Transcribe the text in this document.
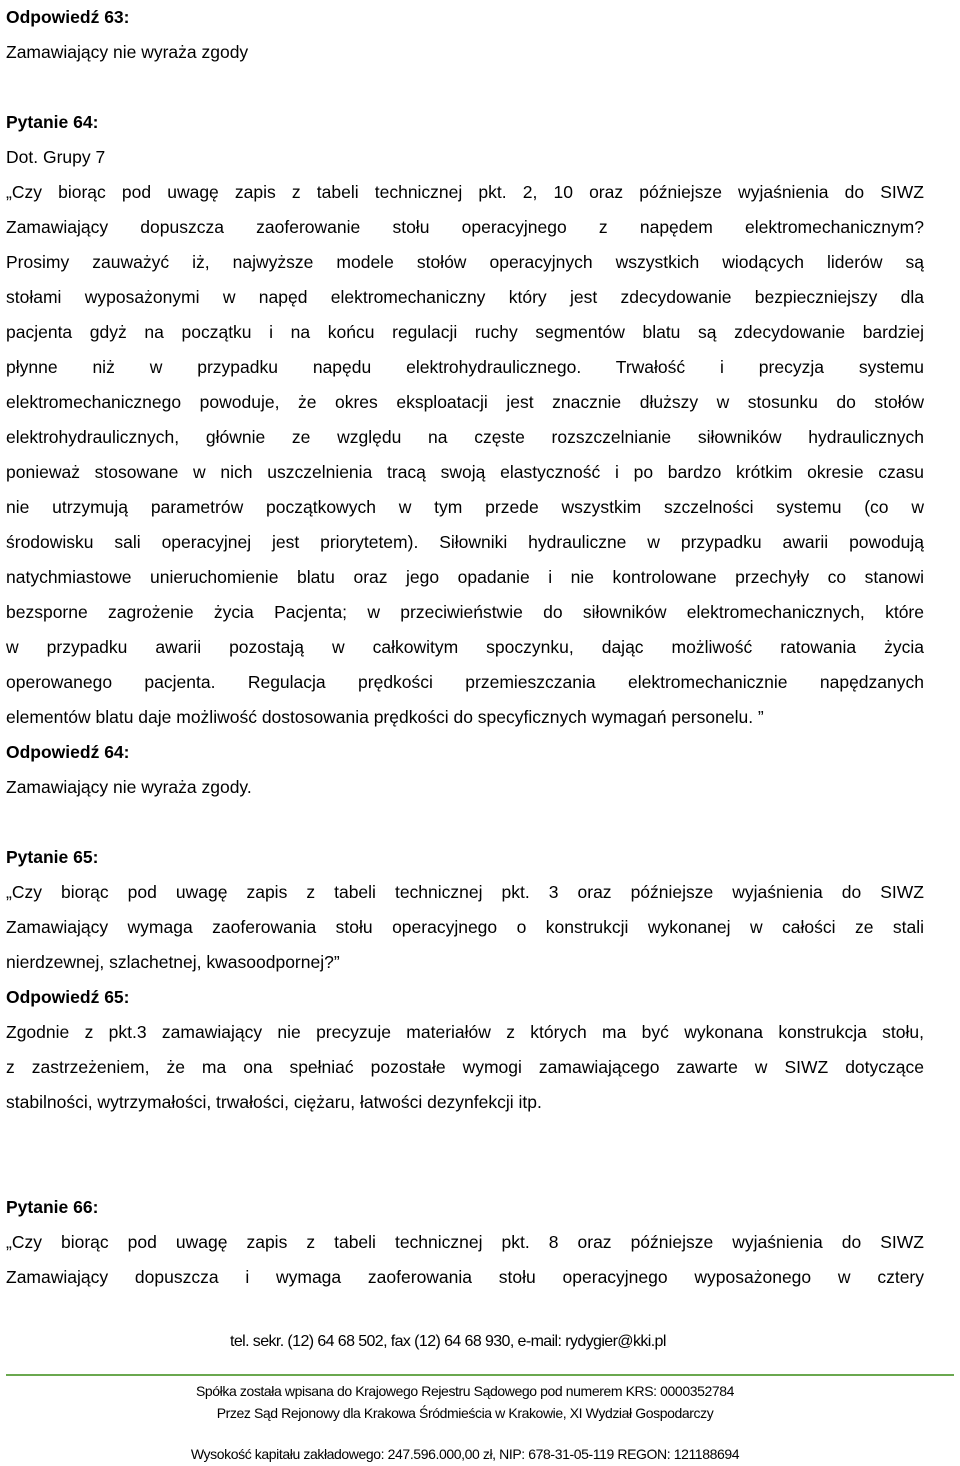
Odpowiedź 63:
Zamawiający nie wyraża zgody
Pytanie 64:
Dot. Grupy 7
„Czy biorąc pod uwagę zapis z tabeli technicznej pkt. 2, 10 oraz późniejsze wyjaśnienia do SIWZ
Zamawiający dopuszcza zaoferowanie stołu operacyjnego z napędem elektromechanicznym?
Prosimy zauważyć iż, najwyższe modele stołów operacyjnych wszystkich wiodących liderów są
stołami wyposażonymi w napęd elektromechaniczny który jest zdecydowanie bezpieczniejszy dla
pacjenta gdyż na początku i na końcu regulacji ruchy segmentów blatu są zdecydowanie bardziej
płynne niż w przypadku napędu elektrohydraulicznego. Trwałość i precyzja systemu
elektromechanicznego powoduje, że okres eksploatacji jest znacznie dłuższy w stosunku do stołów
elektrohydraulicznych, głównie ze względu na częste rozszczelnianie siłowników hydraulicznych
ponieważ stosowane w nich uszczelnienia tracą swoją elastyczność i po bardzo krótkim okresie czasu
nie utrzymują parametrów początkowych w tym przede wszystkim szczelności systemu (co w
środowisku sali operacyjnej jest priorytetem). Siłowniki hydrauliczne w przypadku awarii powodują
natychmiastowe unieruchomienie blatu oraz jego opadanie i nie kontrolowane przechyły co stanowi
bezsporne zagrożenie życia Pacjenta; w przeciwieństwie do siłowników elektromechanicznych, które
w przypadku awarii pozostają w całkowitym spoczynku, dając możliwość ratowania życia
operowanego pacjenta. Regulacja prędkości przemieszczania elektromechanicznie napędzanych
elementów blatu daje możliwość dostosowania prędkości do specyficznych wymagań personelu. ”
Odpowiedź 64:
Zamawiający nie wyraża zgody.
Pytanie 65:
„Czy biorąc pod uwagę zapis z tabeli technicznej pkt. 3 oraz późniejsze wyjaśnienia do SIWZ
Zamawiający wymaga zaoferowania stołu operacyjnego o konstrukcji wykonanej w całości ze stali
nierdzewnej, szlachetnej, kwasoodpornej?”
Odpowiedź 65:
Zgodnie z pkt.3 zamawiający nie precyzuje materiałów z których ma być wykonana konstrukcja stołu,
z zastrzeżeniem, że ma ona spełniać pozostałe wymogi zamawiającego zawarte w SIWZ dotyczące
stabilności, wytrzymałości, trwałości, ciężaru, łatwości dezynfekcji itp.
Pytanie 66:
„Czy biorąc pod uwagę zapis z tabeli technicznej pkt. 8 oraz późniejsze wyjaśnienia do SIWZ
Zamawiający dopuszcza i wymaga zaoferowania stołu operacyjnego wyposażonego w cztery
tel. sekr. (12) 64 68 502, fax (12) 64 68 930, e-mail: rydygier@kki.pl
Spółka została wpisana do Krajowego Rejestru Sądowego pod numerem KRS: 0000352784
Przez Sąd Rejonowy dla Krakowa Śródmieścia w Krakowie, XI Wydział Gospodarczy
Wysokość kapitału zakładowego: 247.596.000,00 zł, NIP: 678-31-05-119 REGON: 121188694
